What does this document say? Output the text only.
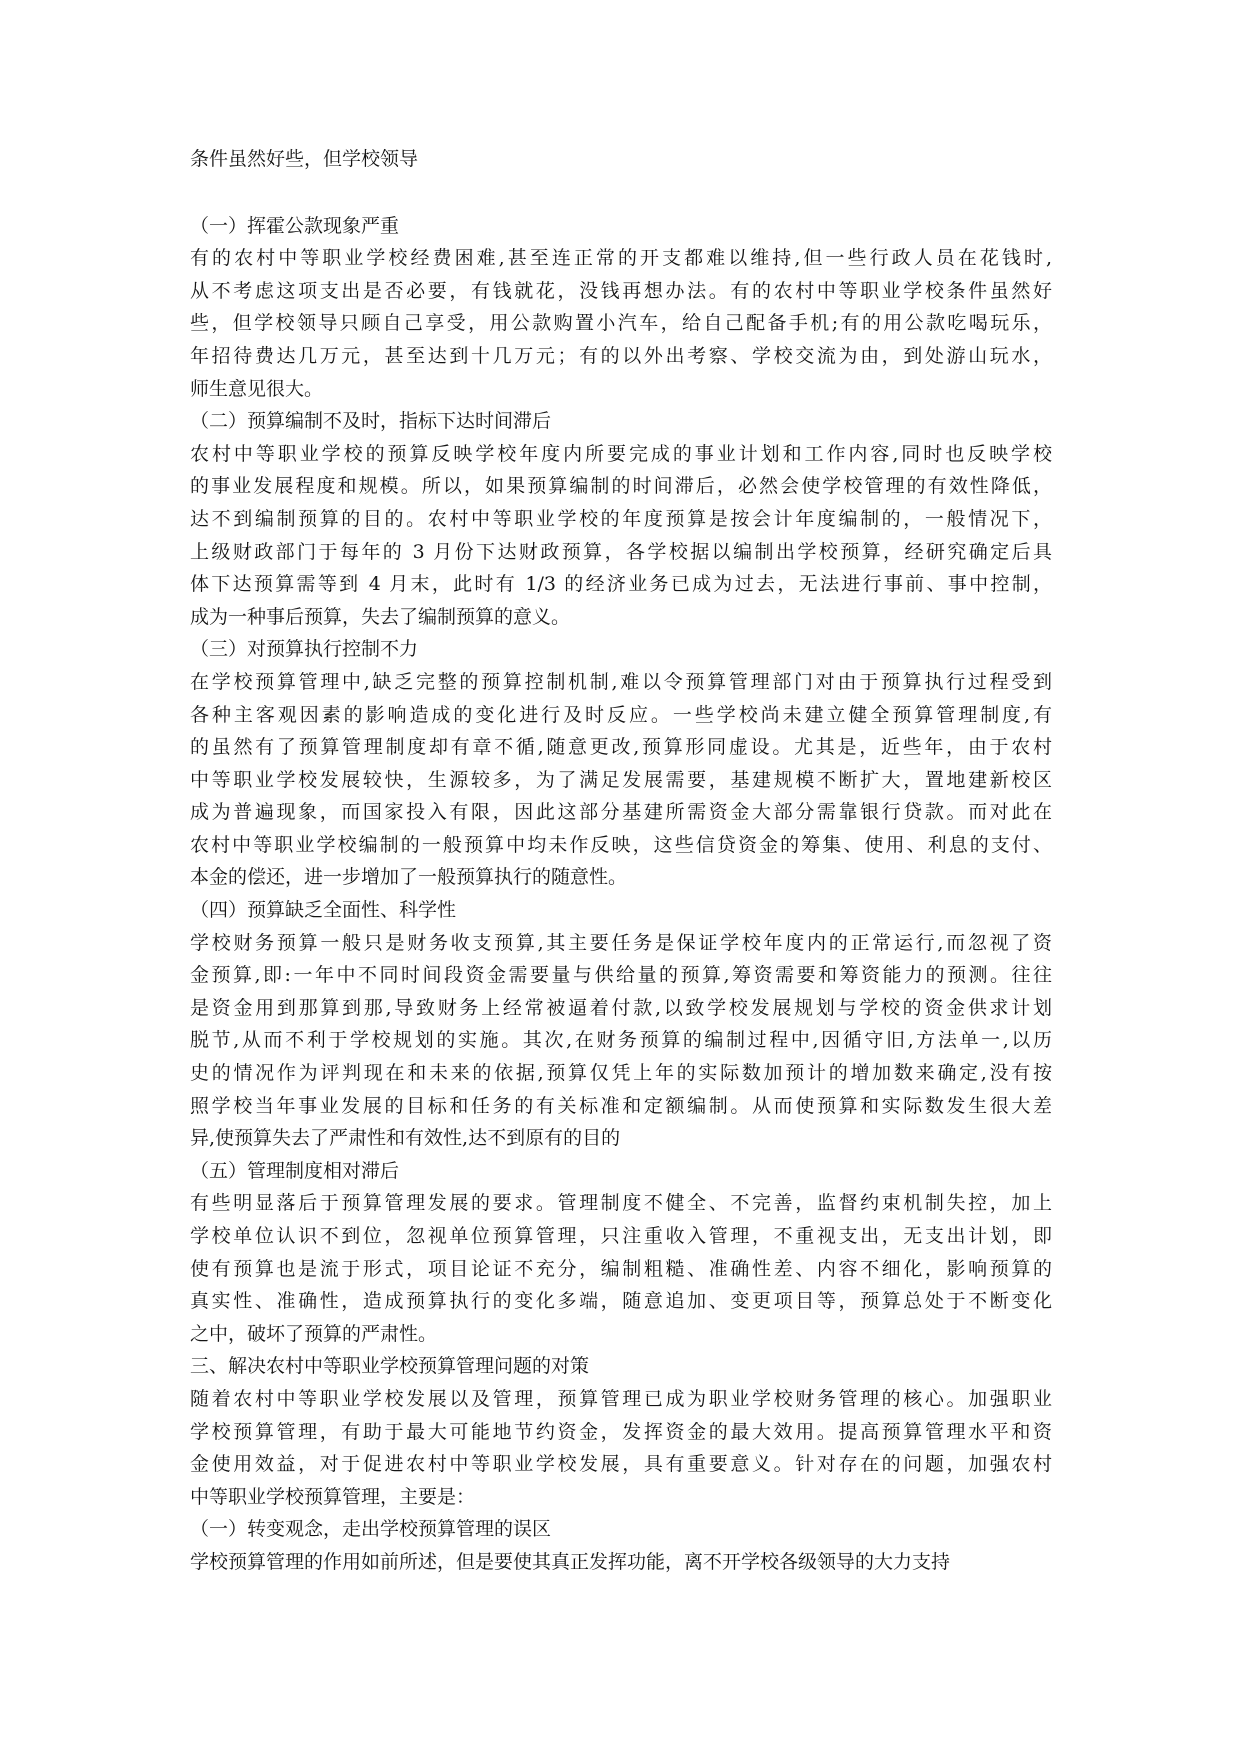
条件虽然好些，但学校领导
（一）挥霍公款现象严重
有的农村中等职业学校经费困难,甚至连正常的开支都难以维持,但一些行政人员在花钱时,
从不考虑这项支出是否必要，有钱就花，没钱再想办法。有的农村中等职业学校条件虽然好
些，但学校领导只顾自己享受，用公款购置小汽车，给自己配备手机;有的用公款吃喝玩乐，
年招待费达几万元，甚至达到十几万元；有的以外出考察、学校交流为由，到处游山玩水，
师生意见很大。
（二）预算编制不及时，指标下达时间滞后
农村中等职业学校的预算反映学校年度内所要完成的事业计划和工作内容,同时也反映学校
的事业发展程度和规模。所以，如果预算编制的时间滞后，必然会使学校管理的有效性降低，
达不到编制预算的目的。农村中等职业学校的年度预算是按会计年度编制的，一般情况下，
上级财政部门于每年的 3 月份下达财政预算，各学校据以编制出学校预算，经研究确定后具
体下达预算需等到 4 月末，此时有 1/3 的经济业务已成为过去，无法进行事前、事中控制，
成为一种事后预算，失去了编制预算的意义。
（三）对预算执行控制不力
在学校预算管理中,缺乏完整的预算控制机制,难以令预算管理部门对由于预算执行过程受到
各种主客观因素的影响造成的变化进行及时反应。一些学校尚未建立健全预算管理制度,有
的虽然有了预算管理制度却有章不循,随意更改,预算形同虚设。尤其是，近些年，由于农村
中等职业学校发展较快，生源较多，为了满足发展需要，基建规模不断扩大，置地建新校区
成为普遍现象，而国家投入有限，因此这部分基建所需资金大部分需靠银行贷款。而对此在
农村中等职业学校编制的一般预算中均未作反映，这些信贷资金的筹集、使用、利息的支付、
本金的偿还，进一步增加了一般预算执行的随意性。
（四）预算缺乏全面性、科学性
学校财务预算一般只是财务收支预算,其主要任务是保证学校年度内的正常运行,而忽视了资
金预算,即:一年中不同时间段资金需要量与供给量的预算,筹资需要和筹资能力的预测。往往
是资金用到那算到那,导致财务上经常被逼着付款,以致学校发展规划与学校的资金供求计划
脱节,从而不利于学校规划的实施。其次,在财务预算的编制过程中,因循守旧,方法单一,以历
史的情况作为评判现在和未来的依据,预算仅凭上年的实际数加预计的增加数来确定,没有按
照学校当年事业发展的目标和任务的有关标准和定额编制。从而使预算和实际数发生很大差
异,使预算失去了严肃性和有效性,达不到原有的目的
（五）管理制度相对滞后
有些明显落后于预算管理发展的要求。管理制度不健全、不完善，监督约束机制失控，加上
学校单位认识不到位，忽视单位预算管理，只注重收入管理，不重视支出，无支出计划，即
使有预算也是流于形式，项目论证不充分，编制粗糙、准确性差、内容不细化，影响预算的
真实性、准确性，造成预算执行的变化多端，随意追加、变更项目等，预算总处于不断变化
之中，破坏了预算的严肃性。
三、解决农村中等职业学校预算管理问题的对策
随着农村中等职业学校发展以及管理，预算管理已成为职业学校财务管理的核心。加强职业
学校预算管理，有助于最大可能地节约资金，发挥资金的最大效用。提高预算管理水平和资
金使用效益，对于促进农村中等职业学校发展，具有重要意义。针对存在的问题，加强农村
中等职业学校预算管理，主要是：
（一）转变观念，走出学校预算管理的误区
学校预算管理的作用如前所述，但是要使其真正发挥功能，离不开学校各级领导的大力支持
